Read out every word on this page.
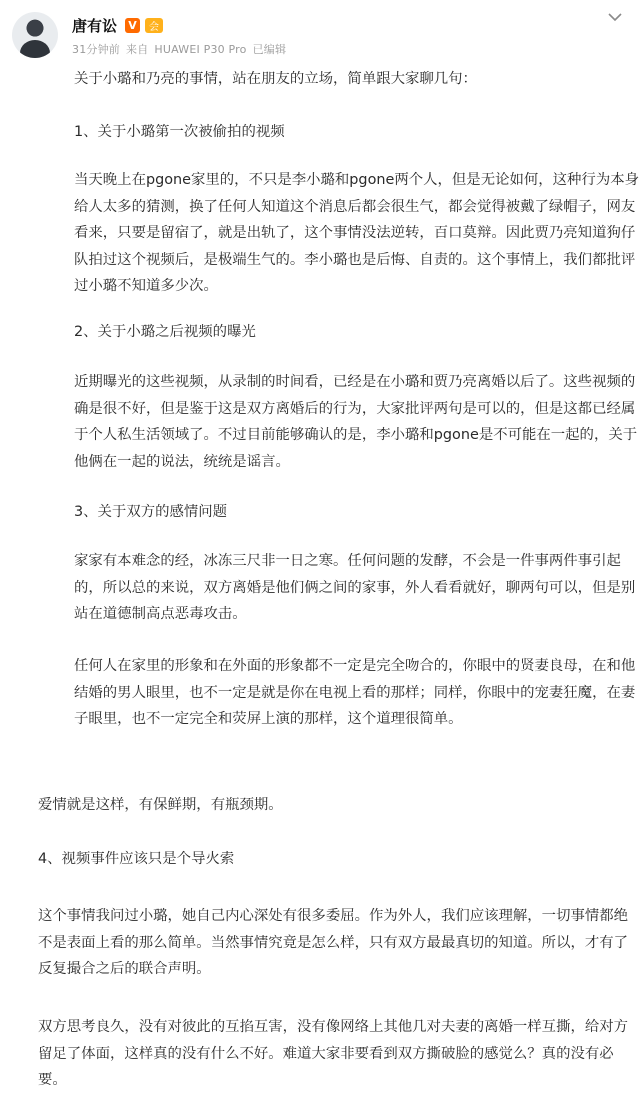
唐有讼 V	会
31分钟前 来自 HUAWEI P30 Pro 已编辑

关于小璐和乃亮的事情，站在朋友的立场，简单跟大家聊几句：

1、关于小璐第一次被偷拍的视频

当天晚上在pgone家里的，不只是李小璐和pgone两个人，但是无论如何，这种行为本身给人太多的猜测，换了任何人知道这个消息后都会很生气，都会觉得被戴了绿帽子，网友看来，只要是留宿了，就是出轨了，这个事情没法逆转，百口莫辩。因此贾乃亮知道狗仔队拍过这个视频后，是极端生气的。李小璐也是后悔、自责的。这个事情上，我们都批评过小璐不知道多少次。

2、关于小璐之后视频的曝光

近期曝光的这些视频，从录制的时间看，已经是在小璐和贾乃亮离婚以后了。这些视频的确是很不好，但是鉴于这是双方离婚后的行为，大家批评两句是可以的，但是这都已经属于个人私生活领域了。不过目前能够确认的是，李小璐和pgone是不可能在一起的，关于他俩在一起的说法，统统是谣言。

3、关于双方的感情问题

家家有本难念的经，冰冻三尺非一日之寒。任何问题的发酵，不会是一件事两件事引起的，所以总的来说，双方离婚是他们俩之间的家事，外人看看就好，聊两句可以，但是别站在道德制高点恶毒攻击。

任何人在家里的形象和在外面的形象都不一定是完全吻合的，你眼中的贤妻良母，在和他结婚的男人眼里，也不一定是就是你在电视上看的那样；同样，你眼中的宠妻狂魔，在妻子眼里，也不一定完全和荧屏上演的那样，这个道理很简单。

爱情就是这样，有保鲜期，有瓶颈期。

4、视频事件应该只是个导火索

这个事情我问过小璐，她自己内心深处有很多委屈。作为外人，我们应该理解，一切事情都绝不是表面上看的那么简单。当然事情究竟是怎么样，只有双方最最真切的知道。所以，才有了反复撮合之后的联合声明。

双方思考良久，没有对彼此的互掐互害，没有像网络上其他几对夫妻的离婚一样互撕，给对方留足了体面，这样真的没有什么不好。难道大家非要看到双方撕破脸的感觉么？真的没有必要。
